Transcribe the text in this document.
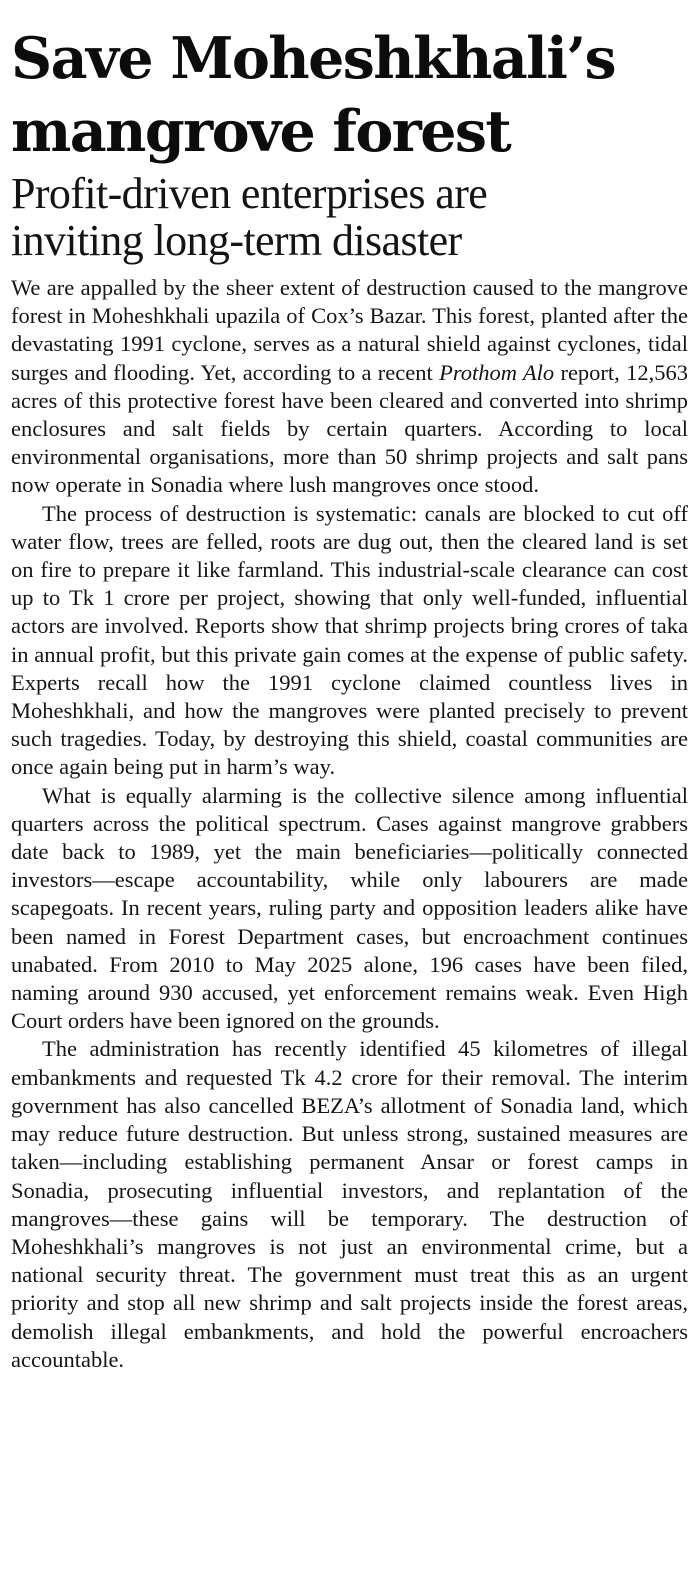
Save Moheshkhali’s
mangrove forest
Profit-driven enterprises are
inviting long-term disaster

We are appalled by the sheer extent of destruction caused to the mangrove forest in Moheshkhali upazila of Cox’s Bazar. This forest, planted after the devastating 1991 cyclone, serves as a natural shield against cyclones, tidal surges and flooding. Yet, according to a recent Prothom Alo report, 12,563 acres of this protective forest have been cleared and converted into shrimp enclosures and salt fields by certain quarters. According to local environmental organisations, more than 50 shrimp projects and salt pans now operate in Sonadia where lush mangroves once stood.

The process of destruction is systematic: canals are blocked to cut off water flow, trees are felled, roots are dug out, then the cleared land is set on fire to prepare it like farmland. This industrial-scale clearance can cost up to Tk 1 crore per project, showing that only well-funded, influential actors are involved. Reports show that shrimp projects bring crores of taka in annual profit, but this private gain comes at the expense of public safety. Experts recall how the 1991 cyclone claimed countless lives in Moheshkhali, and how the mangroves were planted precisely to prevent such tragedies. Today, by destroying this shield, coastal communities are once again being put in harm’s way.

What is equally alarming is the collective silence among influential quarters across the political spectrum. Cases against mangrove grabbers date back to 1989, yet the main beneficiaries—politically connected investors—escape accountability, while only labourers are made scapegoats. In recent years, ruling party and opposition leaders alike have been named in Forest Department cases, but encroachment continues unabated. From 2010 to May 2025 alone, 196 cases have been filed, naming around 930 accused, yet enforcement remains weak. Even High Court orders have been ignored on the grounds.

The administration has recently identified 45 kilometres of illegal embankments and requested Tk 4.2 crore for their removal. The interim government has also cancelled BEZA’s allotment of Sonadia land, which may reduce future destruction. But unless strong, sustained measures are taken—including establishing permanent Ansar or forest camps in Sonadia, prosecuting influential investors, and replantation of the mangroves—these gains will be temporary. The destruction of Moheshkhali’s mangroves is not just an environmental crime, but a national security threat. The government must treat this as an urgent priority and stop all new shrimp and salt projects inside the forest areas, demolish illegal embankments, and hold the powerful encroachers accountable.
